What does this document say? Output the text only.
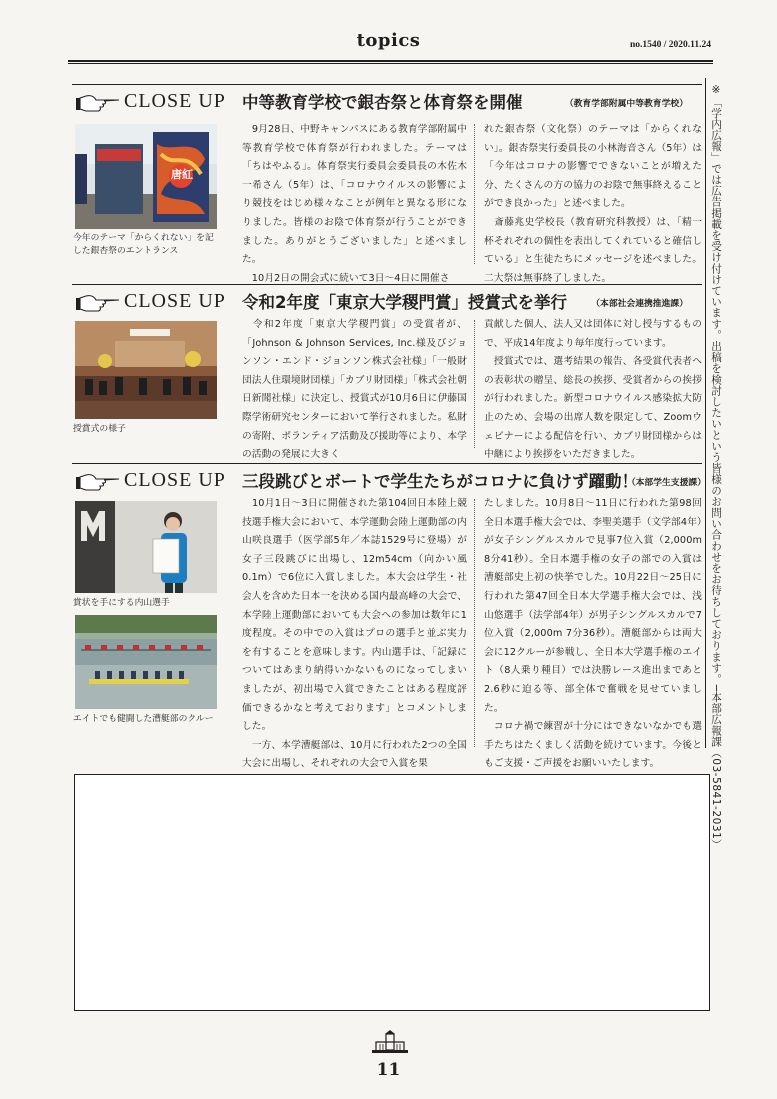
topics	no.1540 / 2020.11.24
※「学内広報」では広告掲載を受け付けています。出稿を検討したいという皆様のお問い合わせをお待ちしております。─本部広報課（03-5841-2031）
CLOSE UP 中等教育学校で銀杏祭と体育祭を開催	（教育学部附属中等教育学校）
唐紅
今年のテーマ「からくれない」を記した銀杏祭のエントランス
　9月28日、中野キャンパスにある教育学部附属中等教育学校で体育祭が行われました。テーマは「ちはやふる」。体育祭実行委員会委員長の木佐木一希さん（5年）は、「コロナウイルスの影響により競技をはじめ様々なことが例年と異なる形になりました。皆様のお陰で体育祭が行うことができました。ありがとうございました」と述べました。
　10月2日の開会式に続いて3日〜4日に開催さ
れた銀杏祭（文化祭）のテーマは「からくれない」。銀杏祭実行委員長の小林海音さん（5年）は「今年はコロナの影響でできないことが増えた分、たくさんの方の協力のお陰で無事終えることができ良かった」と述べました。
　斎藤兆史学校長（教育研究科教授）は、「精一杯それぞれの個性を表出してくれていると確信している」と生徒たちにメッセージを述べました。二大祭は無事終了しました。
CLOSE UP 令和2年度「東京大学稷門賞」授賞式を挙行	（本部社会連携推進課）
授賞式の様子
　令和2年度「東京大学稷門賞」の受賞者が、「Johnson & Johnson Services, Inc.様及びジョンソン・エンド・ジョンソン株式会社様」「一般財団法人住環境財団様」「カブリ財団様」「株式会社朝日新聞社様」に決定し、授賞式が10月6日に伊藤国際学術研究センターにおいて挙行されました。私財の寄附、ボランティア活動及び援助等により、本学の活動の発展に大きく
貢献した個人、法人又は団体に対し授与するもので、平成14年度より毎年度行っています。
　授賞式では、選考結果の報告、各受賞代表者への表彰状の贈呈、総長の挨拶、受賞者からの挨拶が行われました。新型コロナウイルス感染拡大防止のため、会場の出席人数を限定して、Zoomウェビナーによる配信を行い、カブリ財団様からは中継により挨拶をいただきました。
CLOSE UP 三段跳びとボートで学生たちがコロナに負けず躍動！
（本部学生支援課）
賞状を手にする内山選手
エイトでも健闘した漕艇部のクルー
　10月1日〜3日に開催された第104回日本陸上競技選手権大会において、本学運動会陸上運動部の内山咲良選手（医学部5年／本誌1529号に登場）が女子三段跳びに出場し、12m54cm（向かい風0.1m）で6位に入賞しました。本大会は学生・社会人を含めた日本一を決める国内最高峰の大会で、本学陸上運動部においても大会への参加は数年に1度程度。その中での入賞はプロの選手と並ぶ実力を有することを意味します。内山選手は、「記録についてはあまり納得いかないものになってしまいましたが、初出場で入賞できたことはある程度評価できるかなと考えております」とコメントしました。
　一方、本学漕艇部は、10月に行われた2つの全国大会に出場し、それぞれの大会で入賞を果
たしました。10月8日〜11日に行われた第98回全日本選手権大会では、李聖美選手（文学部4年）が女子シングルスカルで見事7位入賞（2,000m 8分41秒）。全日本選手権の女子の部での入賞は漕艇部史上初の快挙でした。10月22日〜25日に行われた第47回全日本大学選手権大会では、浅山悠選手（法学部4年）が男子シングルスカルで7位入賞（2,000m 7分36秒）。漕艇部からは両大会に12クルーが参戦し、全日本大学選手権のエイト（8人乗り種目）では決勝レース進出まであと2.6秒に迫る等、部全体で奮戦を見せていました。
　コロナ禍で練習が十分にはできないなかでも選手たちはたくましく活動を続けています。今後ともご支援・ご声援をお願いいたします。
11
